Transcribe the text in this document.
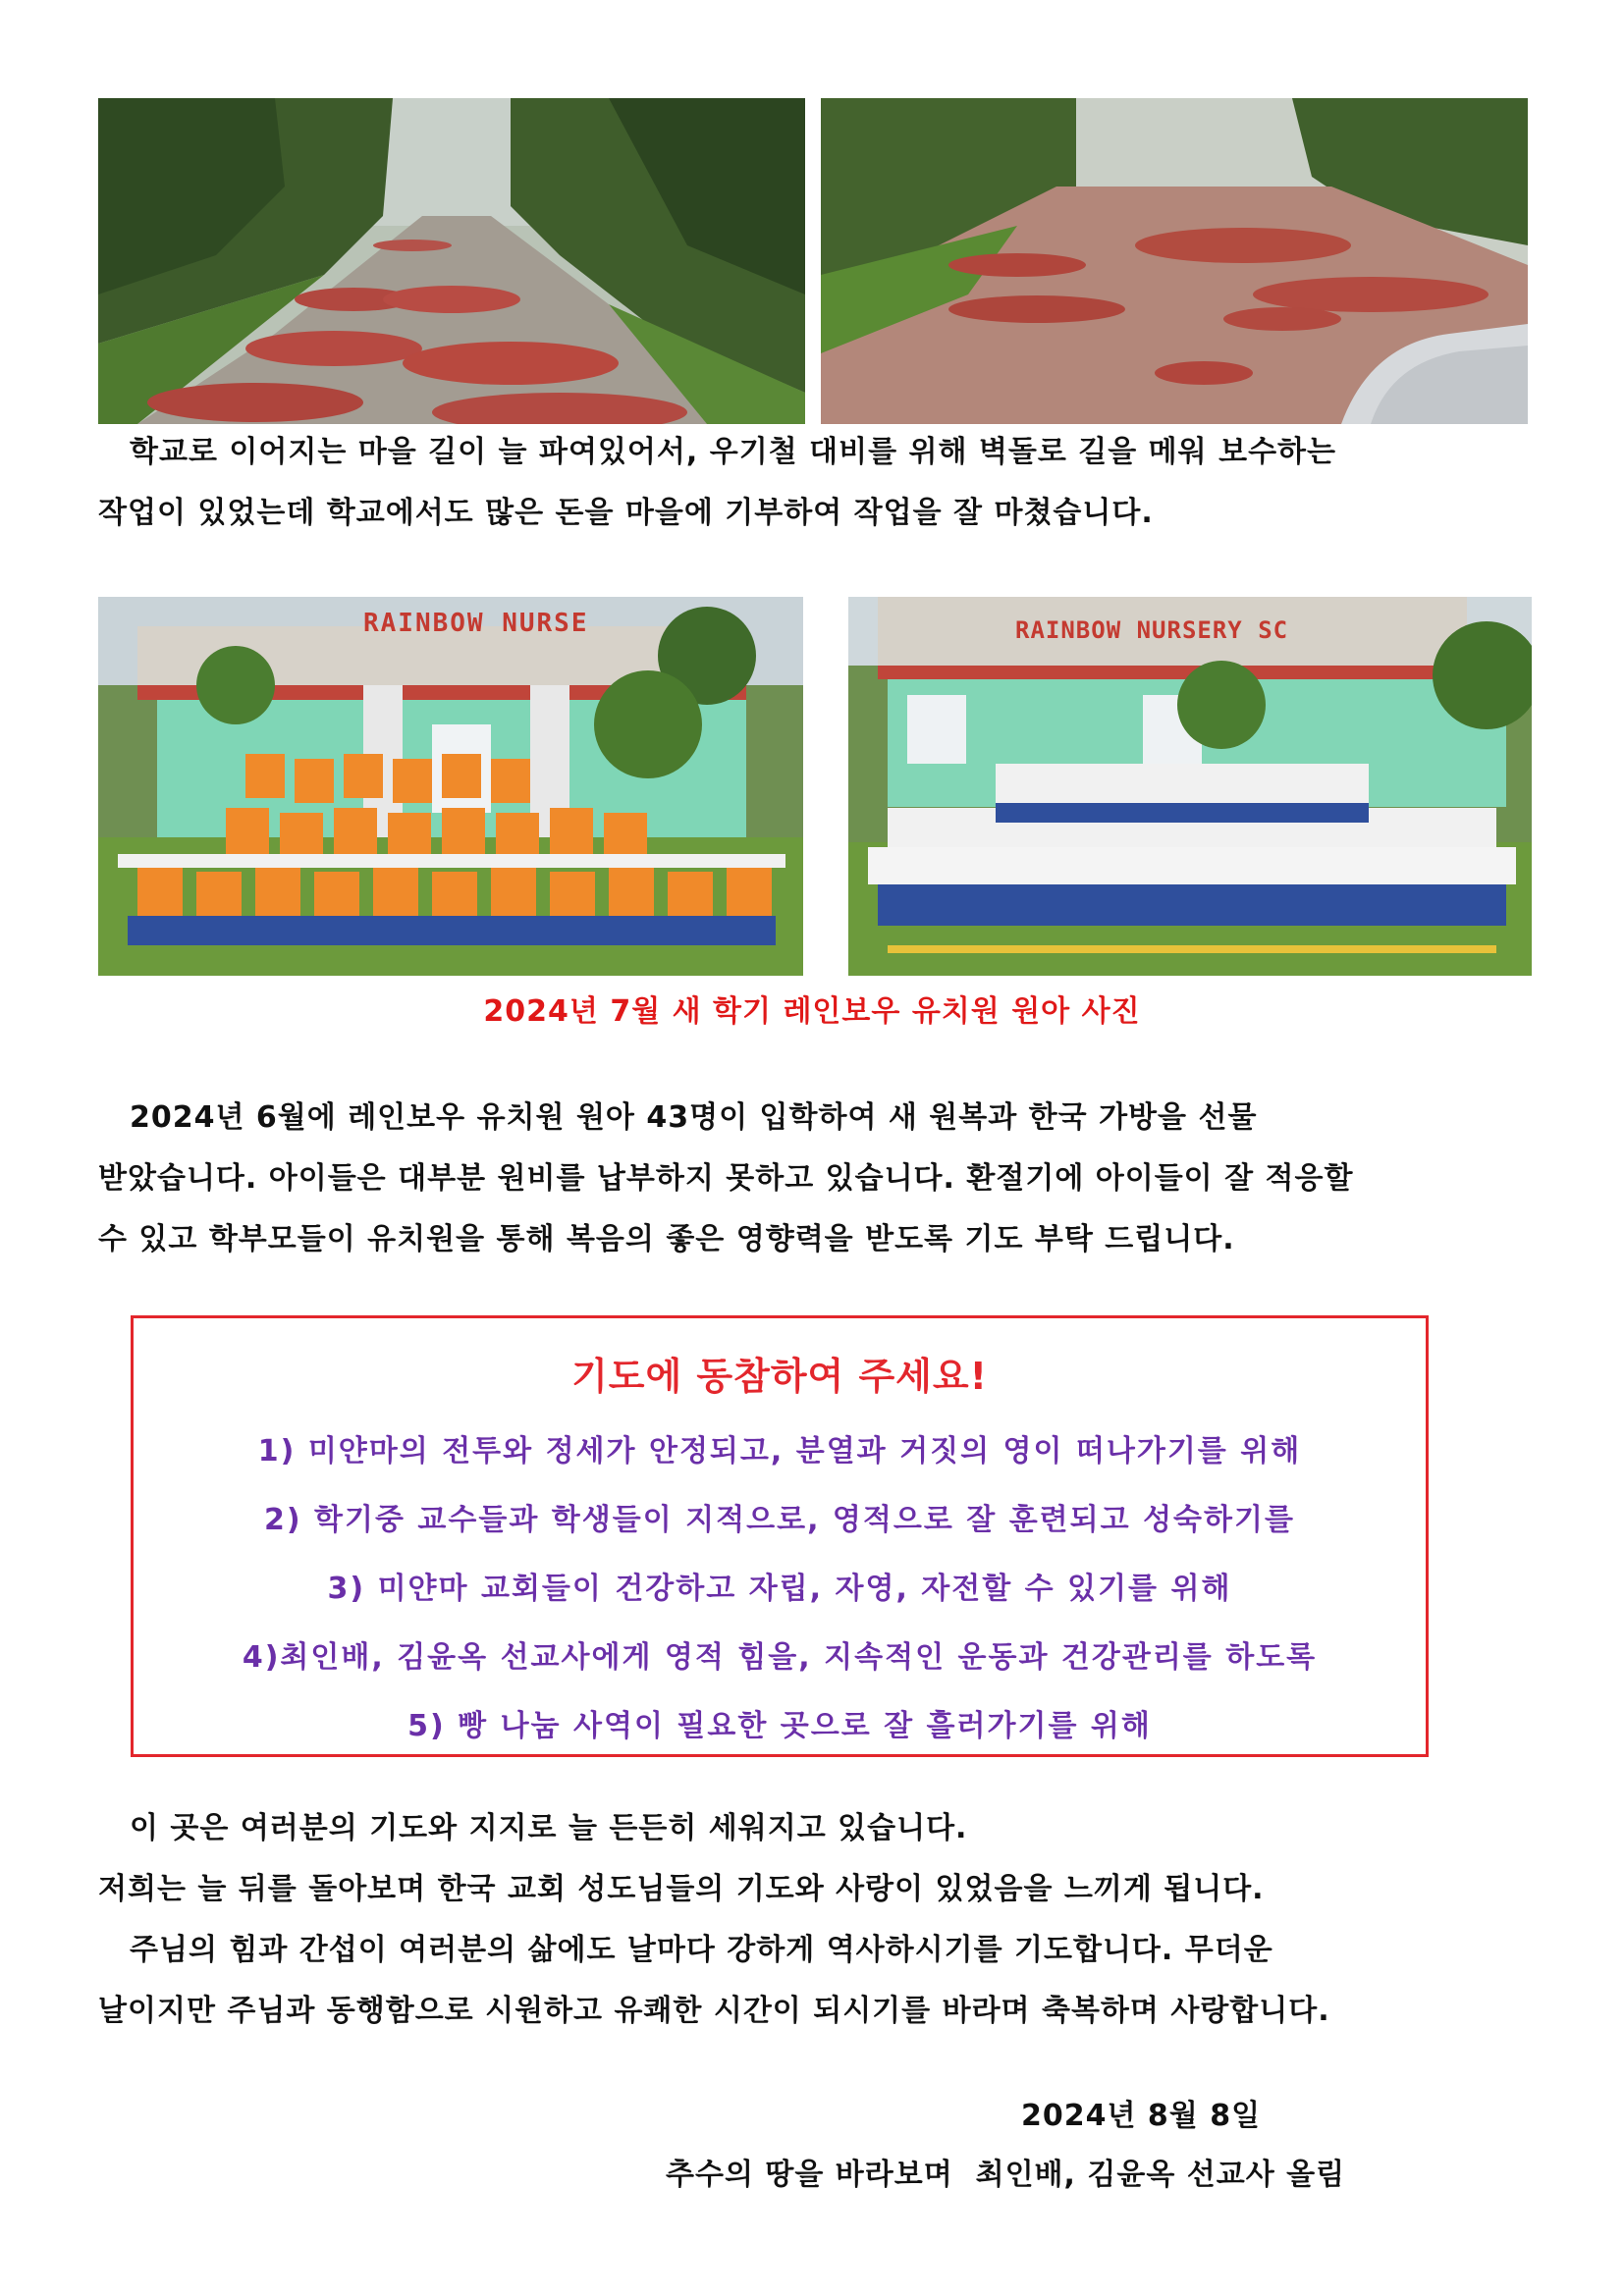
학교로 이어지는 마을 길이 늘 파여있어서, 우기철 대비를 위해 벽돌로 길을 메워 보수하는
작업이 있었는데 학교에서도 많은 돈을 마을에 기부하여 작업을 잘 마쳤습니다.
RAINBOW NURSE	RAINBOW NURSERY SC
2024년 7월 새 학기 레인보우 유치원 원아 사진
2024년 6월에 레인보우 유치원 원아 43명이 입학하여 새 원복과 한국 가방을 선물
받았습니다. 아이들은 대부분 원비를 납부하지 못하고 있습니다. 환절기에 아이들이 잘 적응할
수 있고 학부모들이 유치원을 통해 복음의 좋은 영향력을 받도록 기도 부탁 드립니다.
기도에 동참하여 주세요!
1) 미얀마의 전투와 정세가 안정되고, 분열과 거짓의 영이 떠나가기를 위해
2) 학기중 교수들과 학생들이 지적으로, 영적으로 잘 훈련되고 성숙하기를
3) 미얀마 교회들이 건강하고 자립, 자영, 자전할 수 있기를 위해
4)최인배, 김윤옥 선교사에게 영적 힘을, 지속적인 운동과 건강관리를 하도록
5) 빵 나눔 사역이 필요한 곳으로 잘 흘러가기를 위해
이 곳은 여러분의 기도와 지지로 늘 든든히 세워지고 있습니다.
저희는 늘 뒤를 돌아보며 한국 교회 성도님들의 기도와 사랑이 있었음을 느끼게 됩니다.
주님의 힘과 간섭이 여러분의 삶에도 날마다 강하게 역사하시기를 기도합니다. 무더운
날이지만 주님과 동행함으로 시원하고 유쾌한 시간이 되시기를 바라며 축복하며 사랑합니다.
2024년 8월 8일
추수의 땅을 바라보며  최인배, 김윤옥 선교사 올림
